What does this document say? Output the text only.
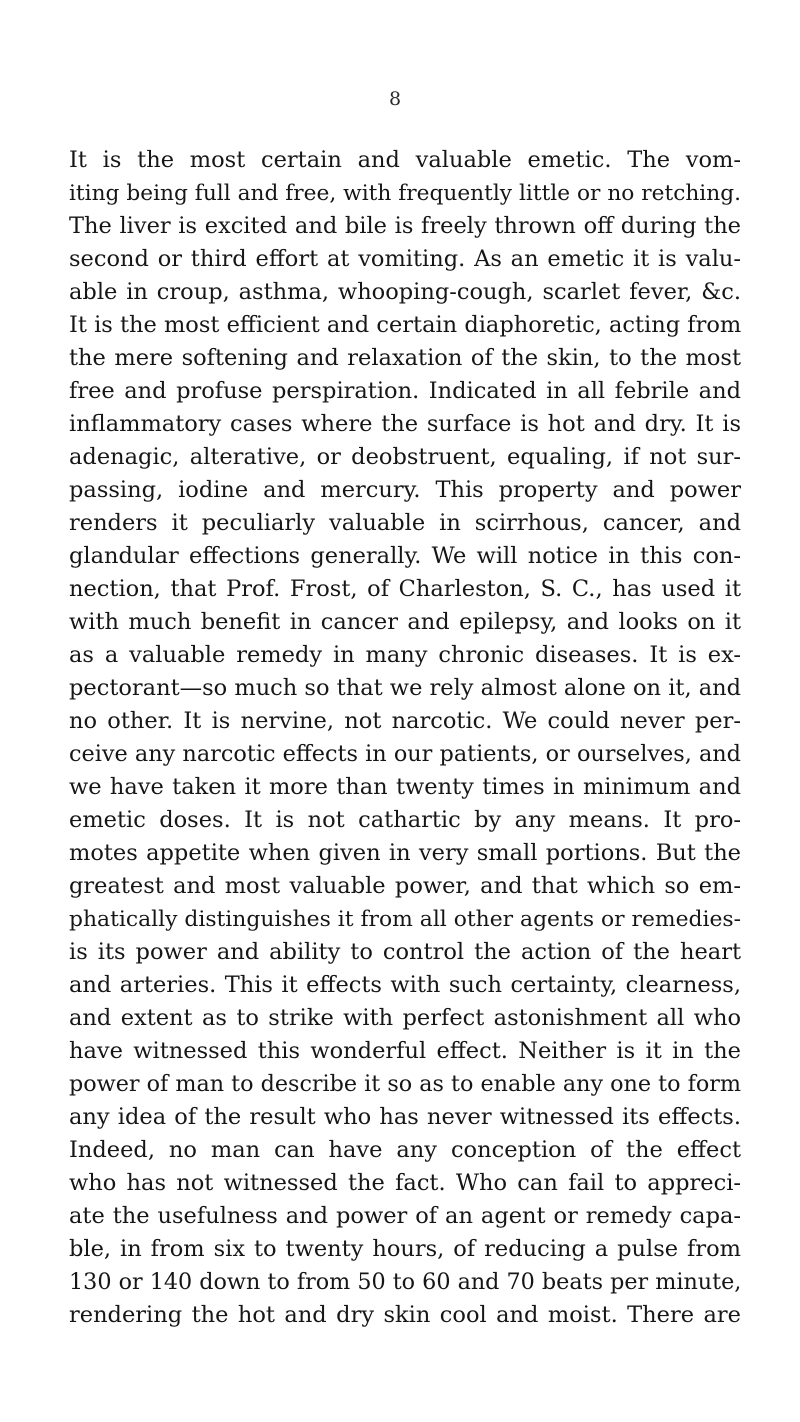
8

It is the most certain and valuable emetic. The vom-
iting being full and free, with frequently little or no retching.
The liver is excited and bile is freely thrown off during the
second or third effort at vomiting. As an emetic it is valu-
able in croup, asthma, whooping-cough, scarlet fever, &c.
It is the most efficient and certain diaphoretic, acting from
the mere softening and relaxation of the skin, to the most
free and profuse perspiration. Indicated in all febrile and
inflammatory cases where the surface is hot and dry. It is
adenagic, alterative, or deobstruent, equaling, if not sur-
passing, iodine and mercury. This property and power
renders it peculiarly valuable in scirrhous, cancer, and
glandular effections generally. We will notice in this con-
nection, that Prof. Frost, of Charleston, S. C., has used it
with much benefit in cancer and epilepsy, and looks on it
as a valuable remedy in many chronic diseases. It is ex-
pectorant—so much so that we rely almost alone on it, and
no other. It is nervine, not narcotic. We could never per-
ceive any narcotic effects in our patients, or ourselves, and
we have taken it more than twenty times in minimum and
emetic doses. It is not cathartic by any means. It pro-
motes appetite when given in very small portions. But the
greatest and most valuable power, and that which so em-
phatically distinguishes it from all other agents or remedies-
is its power and ability to control the action of the heart
and arteries. This it effects with such certainty, clearness,
and extent as to strike with perfect astonishment all who
have witnessed this wonderful effect. Neither is it in the
power of man to describe it so as to enable any one to form
any idea of the result who has never witnessed its effects.
Indeed, no man can have any conception of the effect
who has not witnessed the fact. Who can fail to appreci-
ate the usefulness and power of an agent or remedy capa-
ble, in from six to twenty hours, of reducing a pulse from
130 or 140 down to from 50 to 60 and 70 beats per minute,
rendering the hot and dry skin cool and moist. There are
